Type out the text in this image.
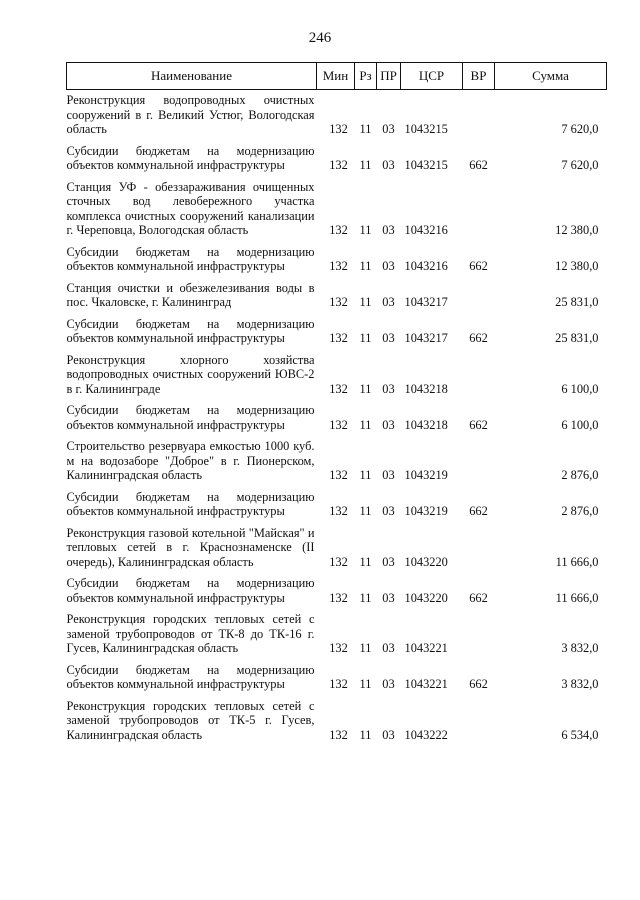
246
Наименование	Мин	Рз	ПР	ЦСР	ВР	Сумма
Реконструкция водопроводных очистных сооружений в г. Великий Устюг, Вологодская область	132	11	03	1043215		7 620,0
Субсидии бюджетам на модернизацию объектов коммунальной инфраструктуры	132	11	03	1043215	662	7 620,0
Станция УФ - обеззараживания очищенных сточных вод левобережного участка комплекса очистных сооружений канализации г. Череповца, Вологодская область	132	11	03	1043216		12 380,0
Субсидии бюджетам на модернизацию объектов коммунальной инфраструктуры	132	11	03	1043216	662	12 380,0
Станция очистки и обезжелезивания воды в пос. Чкаловске, г. Калининград	132	11	03	1043217		25 831,0
Субсидии бюджетам на модернизацию объектов коммунальной инфраструктуры	132	11	03	1043217	662	25 831,0
Реконструкция хлорного хозяйства водопроводных очистных сооружений ЮВС-2 в г. Калининграде	132	11	03	1043218		6 100,0
Субсидии бюджетам на модернизацию объектов коммунальной инфраструктуры	132	11	03	1043218	662	6 100,0
Строительство резервуара емкостью 1000 куб. м на водозаборе "Доброе" в г. Пионерском, Калининградская область	132	11	03	1043219		2 876,0
Субсидии бюджетам на модернизацию объектов коммунальной инфраструктуры	132	11	03	1043219	662	2 876,0
Реконструкция газовой котельной "Майская" и тепловых сетей в г. Краснознаменске (II очередь), Калининградская область	132	11	03	1043220		11 666,0
Субсидии бюджетам на модернизацию объектов коммунальной инфраструктуры	132	11	03	1043220	662	11 666,0
Реконструкция городских тепловых сетей с заменой трубопроводов от ТК-8 до ТК-16 г. Гусев, Калининградская область	132	11	03	1043221		3 832,0
Субсидии бюджетам на модернизацию объектов коммунальной инфраструктуры	132	11	03	1043221	662	3 832,0
Реконструкция городских тепловых сетей с заменой трубопроводов от ТК-5 г. Гусев, Калининградская область	132	11	03	1043222		6 534,0
